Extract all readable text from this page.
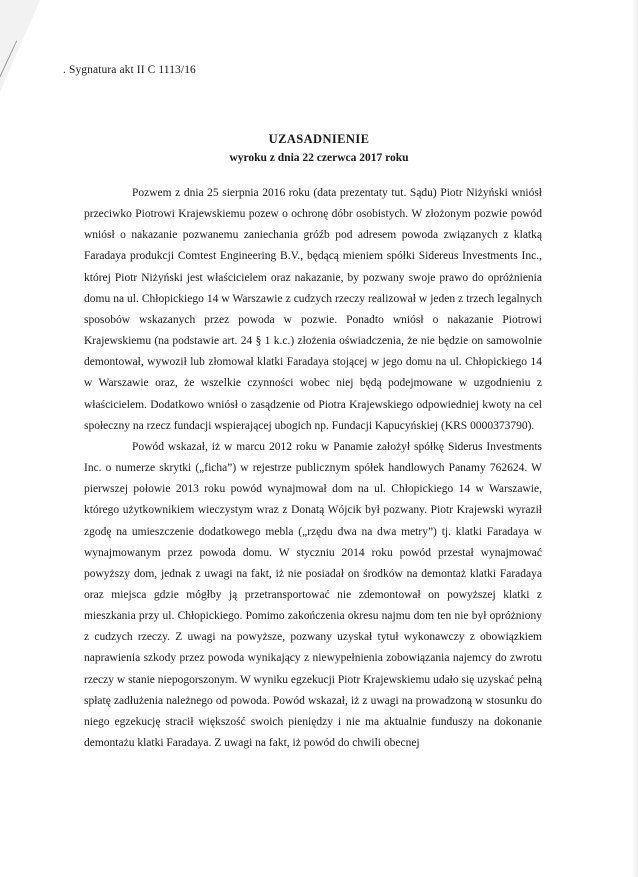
. Sygnatura akt II C 1113/16
UZASADNIENIE
wyroku z dnia 22 czerwca 2017 roku

Pozwem z dnia 25 sierpnia 2016 roku (data prezentaty tut. Sądu) Piotr Niżyński wniósł przeciwko Piotrowi Krajewskiemu pozew o ochronę dóbr osobistych. W złożonym pozwie powód wniósł o nakazanie pozwanemu zaniechania gróźb pod adresem powoda związanych z klatką Faradaya produkcji Comtest Engineering B.V., będącą mieniem spółki Sidereus Investments Inc., której Piotr Niżyński jest właścicielem oraz nakazanie, by pozwany swoje prawo do opróżnienia domu na ul. Chłopickiego 14 w Warszawie z cudzych rzeczy realizował w jeden z trzech legalnych sposobów wskazanych przez powoda w pozwie. Ponadto wniósł o nakazanie Piotrowi Krajewskiemu (na podstawie art. 24 § 1 k.c.) złożenia oświadczenia, że nie będzie on samowolnie demontował, wywoził lub złomował klatki Faradaya stojącej w jego domu na ul. Chłopickiego 14 w Warszawie oraz, że wszelkie czynności wobec niej będą podejmowane w uzgodnieniu z właścicielem. Dodatkowo wniósł o zasądzenie od Piotra Krajewskiego odpowiedniej kwoty na cel społeczny na rzecz fundacji wspierającej ubogich np. Fundacji Kapucyńskiej (KRS 0000373790).

Powód wskazał, iż w marcu 2012 roku w Panamie założył spółkę Siderus Investments Inc. o numerze skrytki („ficha”) w rejestrze publicznym spółek handlowych Panamy 762624. W pierwszej połowie 2013 roku powód wynajmował dom na ul. Chłopickiego 14 w Warszawie, którego użytkownikiem wieczystym wraz z Donatą Wójcik był pozwany. Piotr Krajewski wyraził zgodę na umieszczenie dodatkowego mebla („rzędu dwa na dwa metry”) tj. klatki Faradaya w wynajmowanym przez powoda domu. W styczniu 2014 roku powód przestał wynajmować powyższy dom, jednak z uwagi na fakt, iż nie posiadał on środków na demontaż klatki Faradaya oraz miejsca gdzie mógłby ją przetransportować nie zdemontował on powyższej klatki z mieszkania przy ul. Chłopickiego. Pomimo zakończenia okresu najmu dom ten nie był opróżniony z cudzych rzeczy. Z uwagi na powyższe, pozwany uzyskał tytuł wykonawczy z obowiązkiem naprawienia szkody przez powoda wynikający z niewypełnienia zobowiązania najemcy do zwrotu rzeczy w stanie niepogorszonym. W wyniku egzekucji Piotr Krajewskiemu udało się uzyskać pełną spłatę zadłużenia należnego od powoda. Powód wskazał, iż z uwagi na prowadzoną w stosunku do niego egzekucję stracił większość swoich pieniędzy i nie ma aktualnie funduszy na dokonanie demontażu klatki Faradaya. Z uwagi na fakt, iż powód do chwili obecnej
